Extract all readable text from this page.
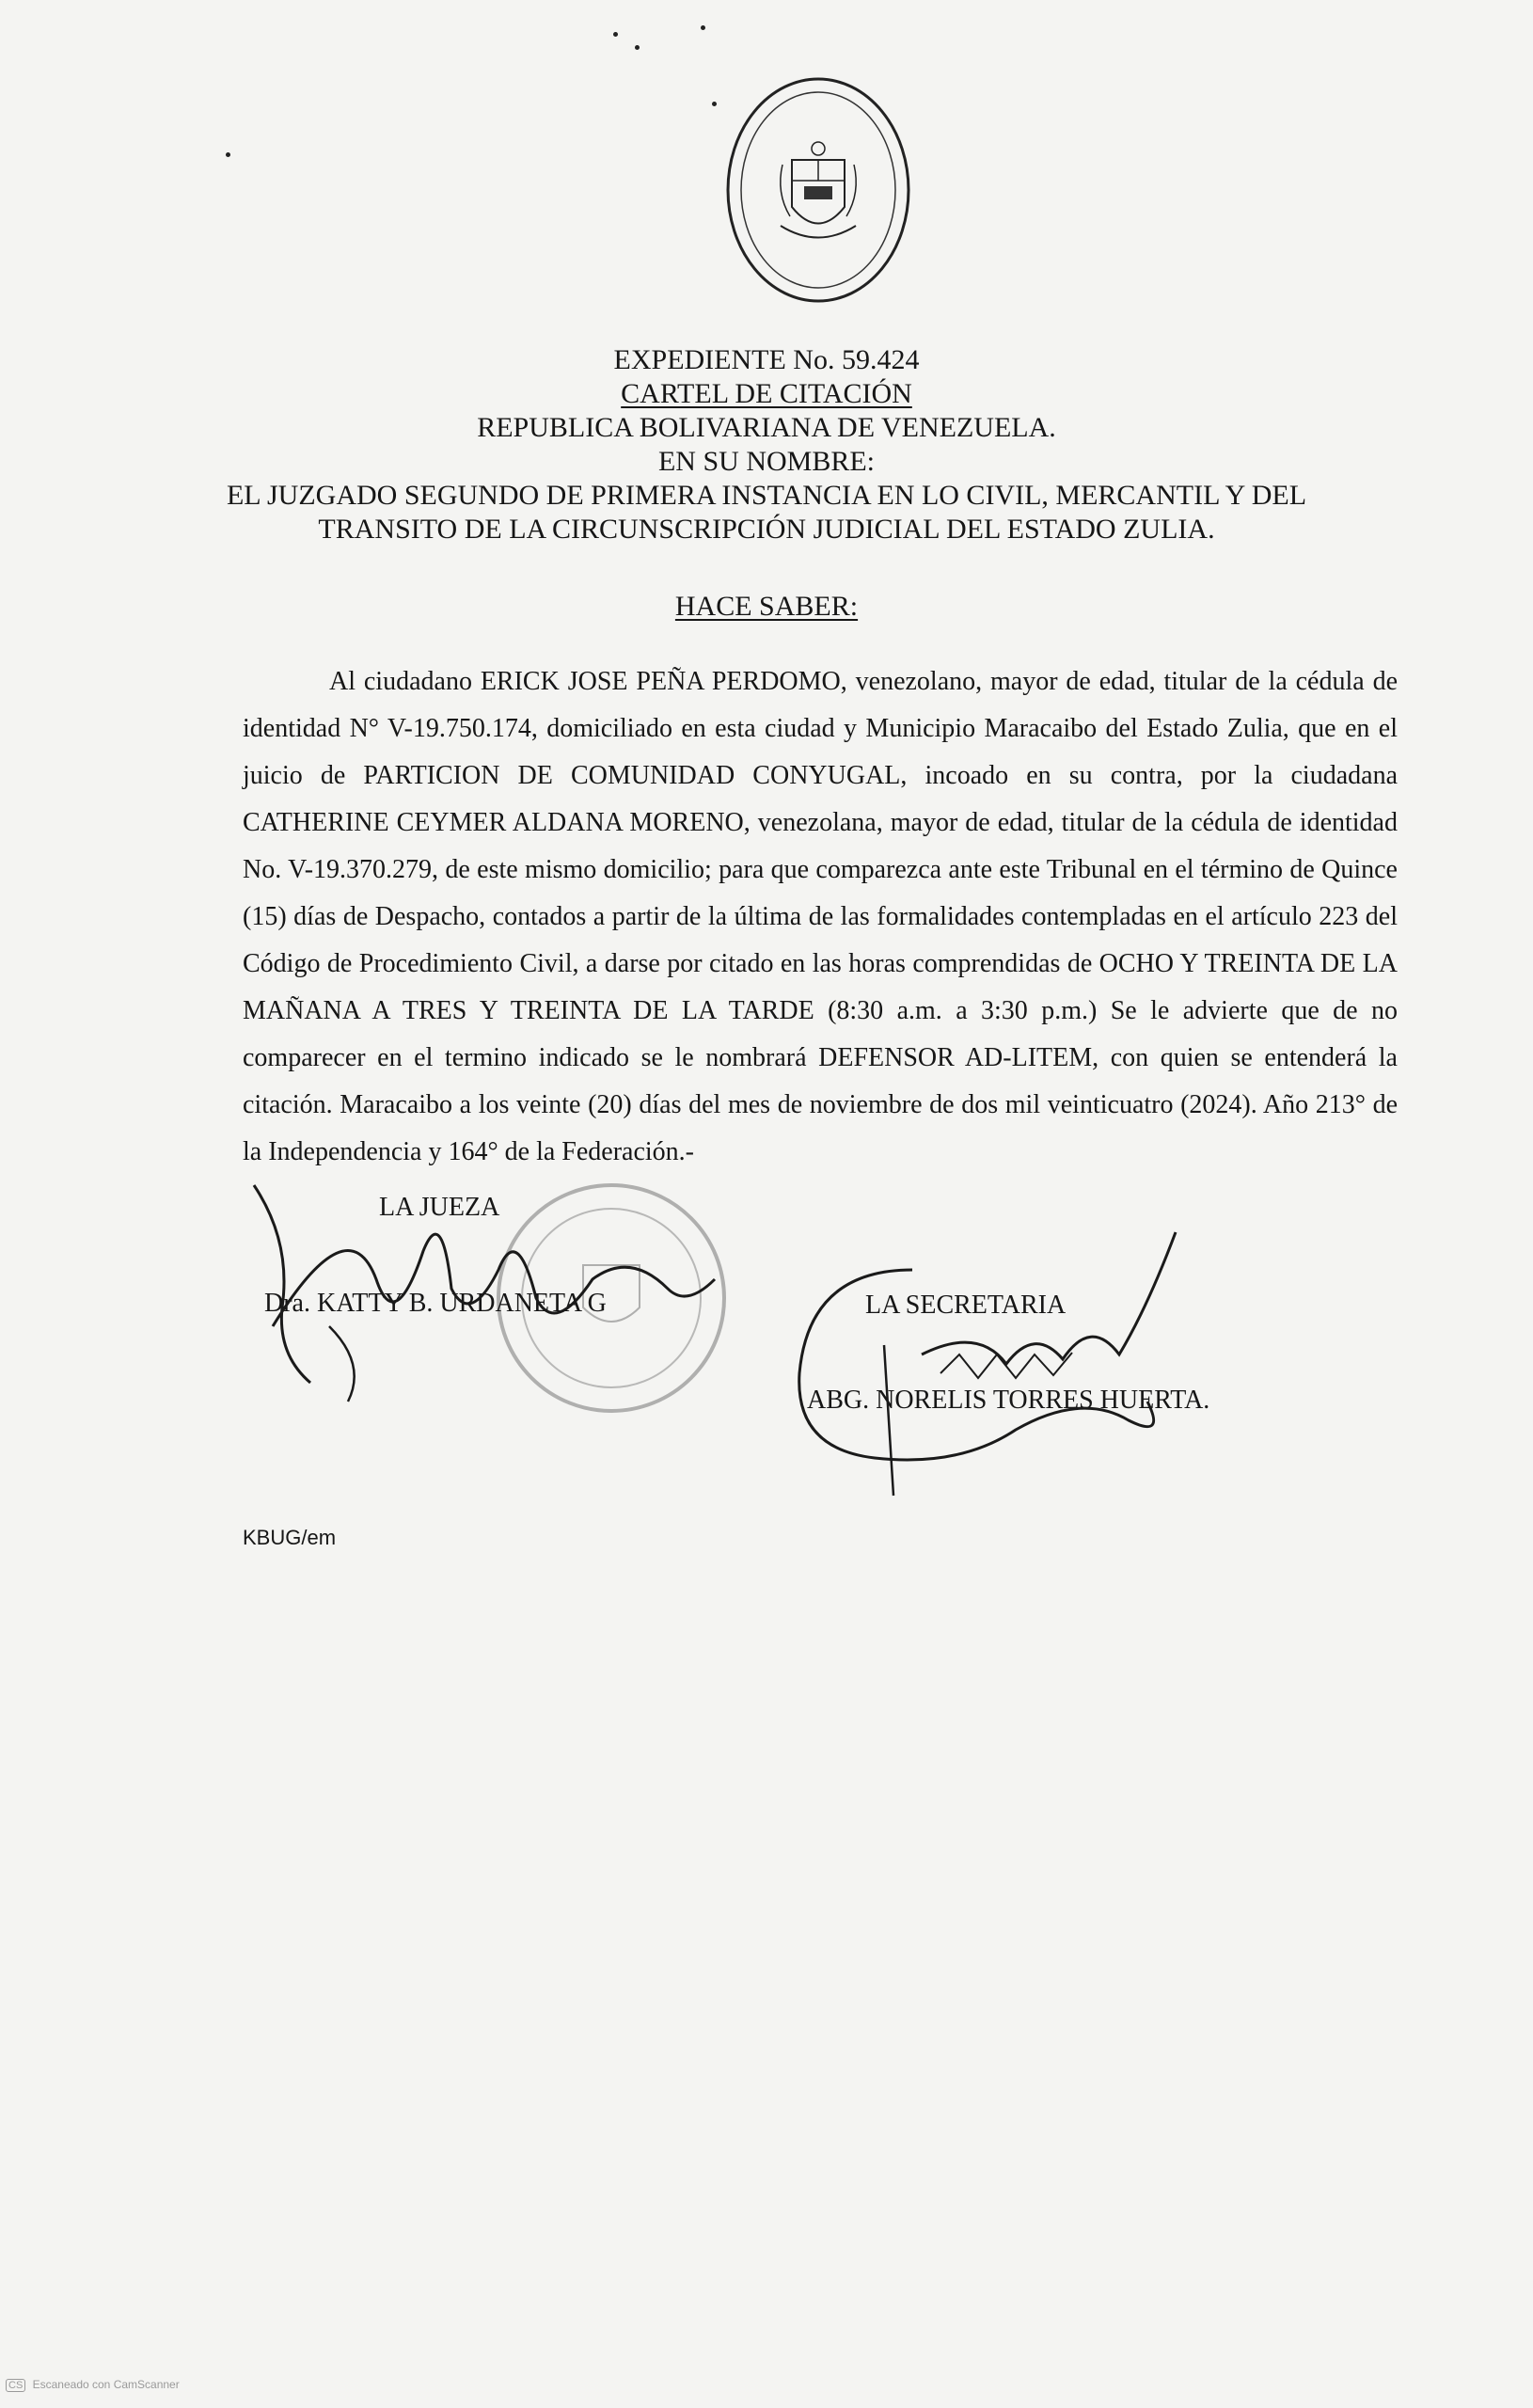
EXPEDIENTE No. 59.424
CARTEL DE CITACIÓN
REPUBLICA BOLIVARIANA DE VENEZUELA.
EN SU NOMBRE:
EL JUZGADO SEGUNDO DE PRIMERA INSTANCIA EN LO CIVIL, MERCANTIL Y DEL
TRANSITO DE LA CIRCUNSCRIPCIÓN JUDICIAL DEL ESTADO ZULIA.
HACE SABER:
Al ciudadano ERICK JOSE PEÑA PERDOMO, venezolano, mayor de edad, titular de la cédula de identidad N° V-19.750.174, domiciliado en esta ciudad y Municipio Maracaibo del Estado Zulia, que en el juicio de PARTICION DE COMUNIDAD CONYUGAL, incoado en su contra, por la ciudadana CATHERINE CEYMER ALDANA MORENO, venezolana, mayor de edad, titular de la cédula de identidad No. V-19.370.279, de este mismo domicilio; para que comparezca ante este Tribunal en el término de Quince (15) días de Despacho, contados a partir de la última de las formalidades contempladas en el artículo 223 del Código de Procedimiento Civil, a darse por citado en las horas comprendidas de OCHO Y TREINTA DE LA MAÑANA A TRES Y TREINTA DE LA TARDE (8:30 a.m. a 3:30 p.m.) Se le advierte que de no comparecer en el termino indicado se le nombrará DEFENSOR AD-LITEM, con quien se entenderá la citación. Maracaibo a los veinte (20) días del mes de noviembre de dos mil veinticuatro (2024). Año 213° de la Independencia y 164° de la Federación.-
LA JUEZA
Dra. KATTY B. URDANETA G	LA SECRETARIA
ABG. NORELIS TORRES HUERTA.
KBUG/em
CS Escaneado con CamScanner
